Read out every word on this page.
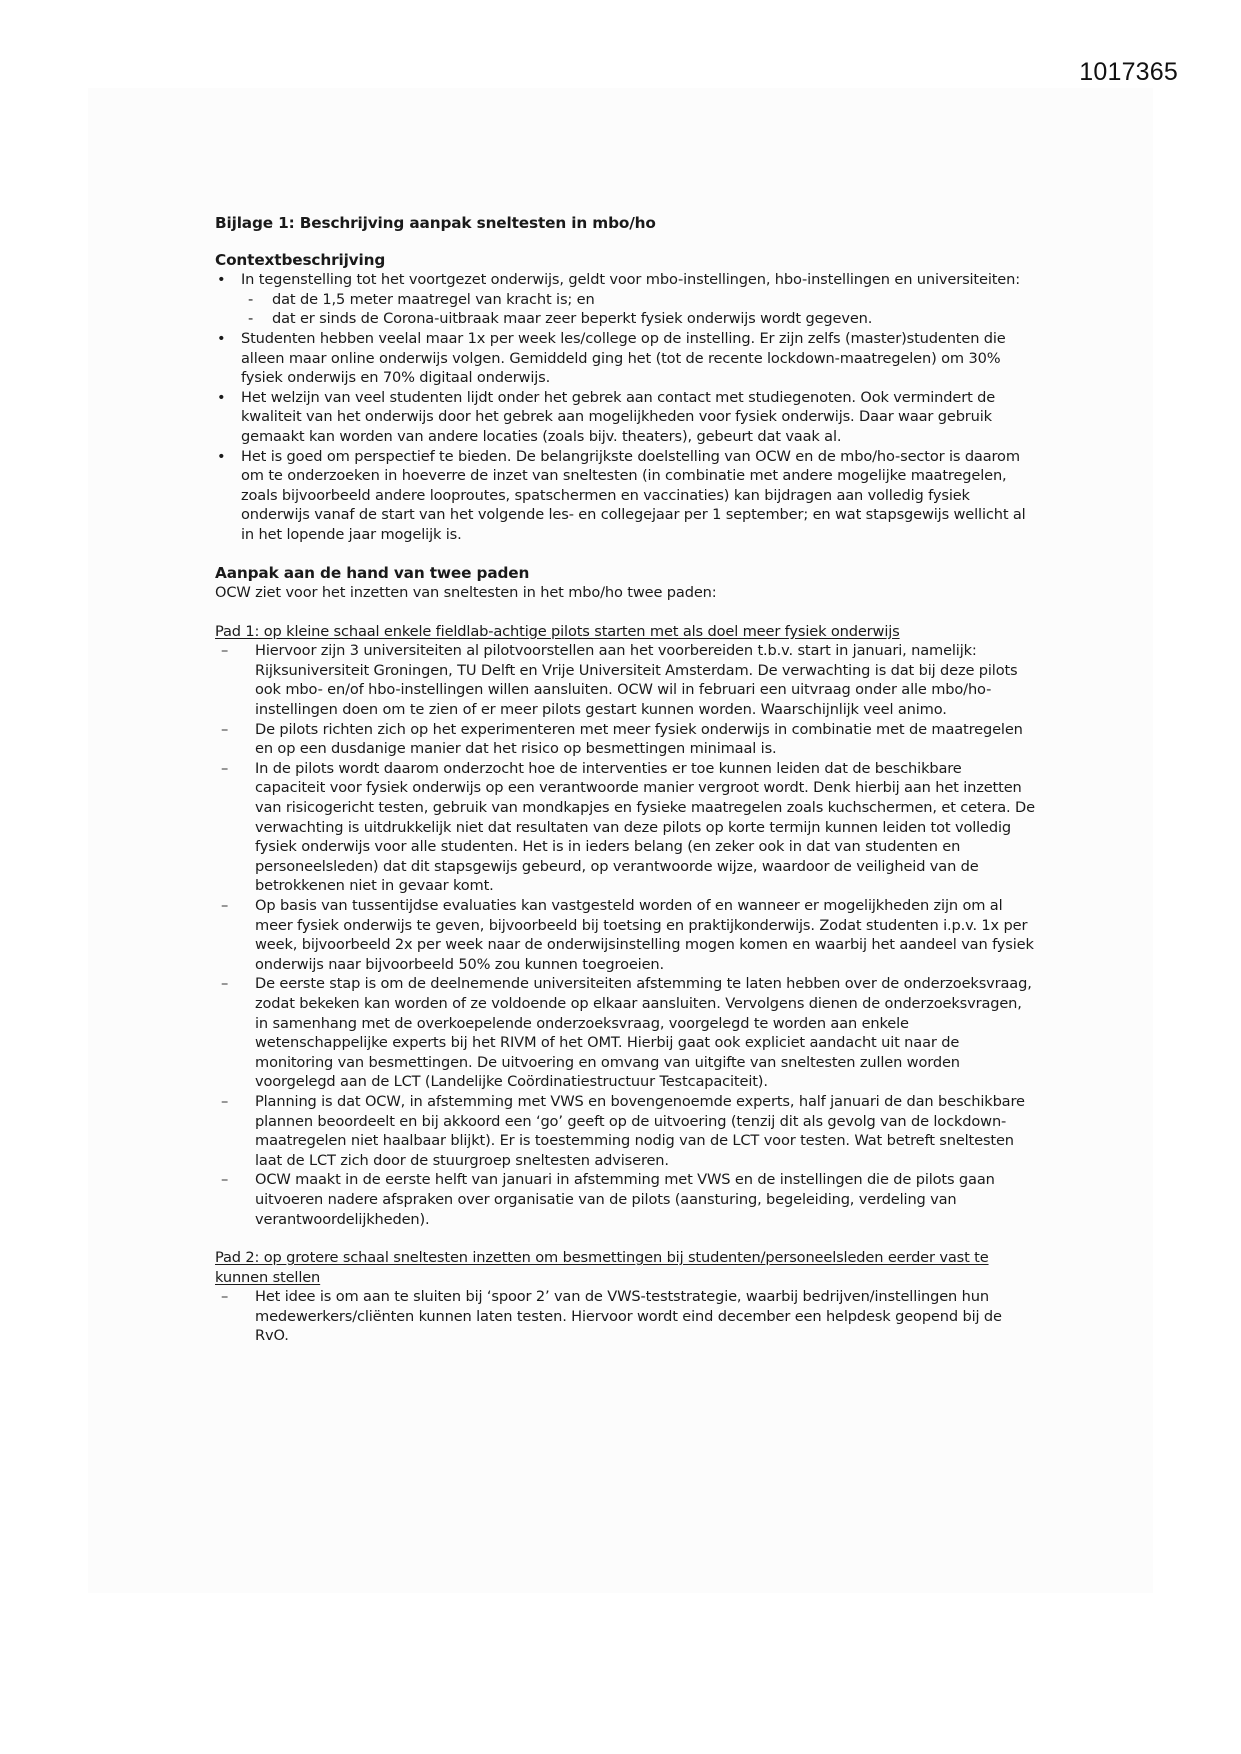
1017365

Bijlage 1: Beschrijving aanpak sneltesten in mbo/ho

Contextbeschrijving

• In tegenstelling tot het voortgezet onderwijs, geldt voor mbo-instellingen, hbo-instellingen en universiteiten:
- dat de 1,5 meter maatregel van kracht is; en
- dat er sinds de Corona-uitbraak maar zeer beperkt fysiek onderwijs wordt gegeven.
• Studenten hebben veelal maar 1x per week les/college op de instelling. Er zijn zelfs (master)studenten die alleen maar online onderwijs volgen. Gemiddeld ging het (tot de recente lockdown-maatregelen) om 30% fysiek onderwijs en 70% digitaal onderwijs.
• Het welzijn van veel studenten lijdt onder het gebrek aan contact met studiegenoten. Ook vermindert de kwaliteit van het onderwijs door het gebrek aan mogelijkheden voor fysiek onderwijs. Daar waar gebruik gemaakt kan worden van andere locaties (zoals bijv. theaters), gebeurt dat vaak al.
• Het is goed om perspectief te bieden. De belangrijkste doelstelling van OCW en de mbo/ho-sector is daarom om te onderzoeken in hoeverre de inzet van sneltesten (in combinatie met andere mogelijke maatregelen, zoals bijvoorbeeld andere looproutes, spatschermen en vaccinaties) kan bijdragen aan volledig fysiek onderwijs vanaf de start van het volgende les- en collegejaar per 1 september; en wat stapsgewijs wellicht al in het lopende jaar mogelijk is.

Aanpak aan de hand van twee paden

OCW ziet voor het inzetten van sneltesten in het mbo/ho twee paden:

Pad 1: op kleine schaal enkele fieldlab-achtige pilots starten met als doel meer fysiek onderwijs

– Hiervoor zijn 3 universiteiten al pilotvoorstellen aan het voorbereiden t.b.v. start in januari, namelijk: Rijksuniversiteit Groningen, TU Delft en Vrije Universiteit Amsterdam. De verwachting is dat bij deze pilots ook mbo- en/of hbo-instellingen willen aansluiten. OCW wil in februari een uitvraag onder alle mbo/ho-instellingen doen om te zien of er meer pilots gestart kunnen worden. Waarschijnlijk veel animo.
– De pilots richten zich op het experimenteren met meer fysiek onderwijs in combinatie met de maatregelen en op een dusdanige manier dat het risico op besmettingen minimaal is.
– In de pilots wordt daarom onderzocht hoe de interventies er toe kunnen leiden dat de beschikbare capaciteit voor fysiek onderwijs op een verantwoorde manier vergroot wordt. Denk hierbij aan het inzetten van risicogericht testen, gebruik van mondkapjes en fysieke maatregelen zoals kuchschermen, et cetera. De verwachting is uitdrukkelijk niet dat resultaten van deze pilots op korte termijn kunnen leiden tot volledig fysiek onderwijs voor alle studenten. Het is in ieders belang (en zeker ook in dat van studenten en personeelsleden) dat dit stapsgewijs gebeurd, op verantwoorde wijze, waardoor de veiligheid van de betrokkenen niet in gevaar komt.
– Op basis van tussentijdse evaluaties kan vastgesteld worden of en wanneer er mogelijkheden zijn om al meer fysiek onderwijs te geven, bijvoorbeeld bij toetsing en praktijkonderwijs. Zodat studenten i.p.v. 1x per week, bijvoorbeeld 2x per week naar de onderwijsinstelling mogen komen en waarbij het aandeel van fysiek onderwijs naar bijvoorbeeld 50% zou kunnen toegroeien.
– De eerste stap is om de deelnemende universiteiten afstemming te laten hebben over de onderzoeksvraag, zodat bekeken kan worden of ze voldoende op elkaar aansluiten. Vervolgens dienen de onderzoeksvragen, in samenhang met de overkoepelende onderzoeksvraag, voorgelegd te worden aan enkele wetenschappelijke experts bij het RIVM of het OMT. Hierbij gaat ook expliciet aandacht uit naar de monitoring van besmettingen. De uitvoering en omvang van uitgifte van sneltesten zullen worden voorgelegd aan de LCT (Landelijke Coördinatiestructuur Testcapaciteit).
– Planning is dat OCW, in afstemming met VWS en bovengenoemde experts, half januari de dan beschikbare plannen beoordeelt en bij akkoord een ‘go’ geeft op de uitvoering (tenzij dit als gevolg van de lockdown-maatregelen niet haalbaar blijkt). Er is toestemming nodig van de LCT voor testen. Wat betreft sneltesten laat de LCT zich door de stuurgroep sneltesten adviseren.
– OCW maakt in de eerste helft van januari in afstemming met VWS en de instellingen die de pilots gaan uitvoeren nadere afspraken over organisatie van de pilots (aansturing, begeleiding, verdeling van verantwoordelijkheden).

Pad 2: op grotere schaal sneltesten inzetten om besmettingen bij studenten/personeelsleden eerder vast te kunnen stellen

– Het idee is om aan te sluiten bij ‘spoor 2’ van de VWS-teststrategie, waarbij bedrijven/instellingen hun medewerkers/cliënten kunnen laten testen. Hiervoor wordt eind december een helpdesk geopend bij de RvO.
